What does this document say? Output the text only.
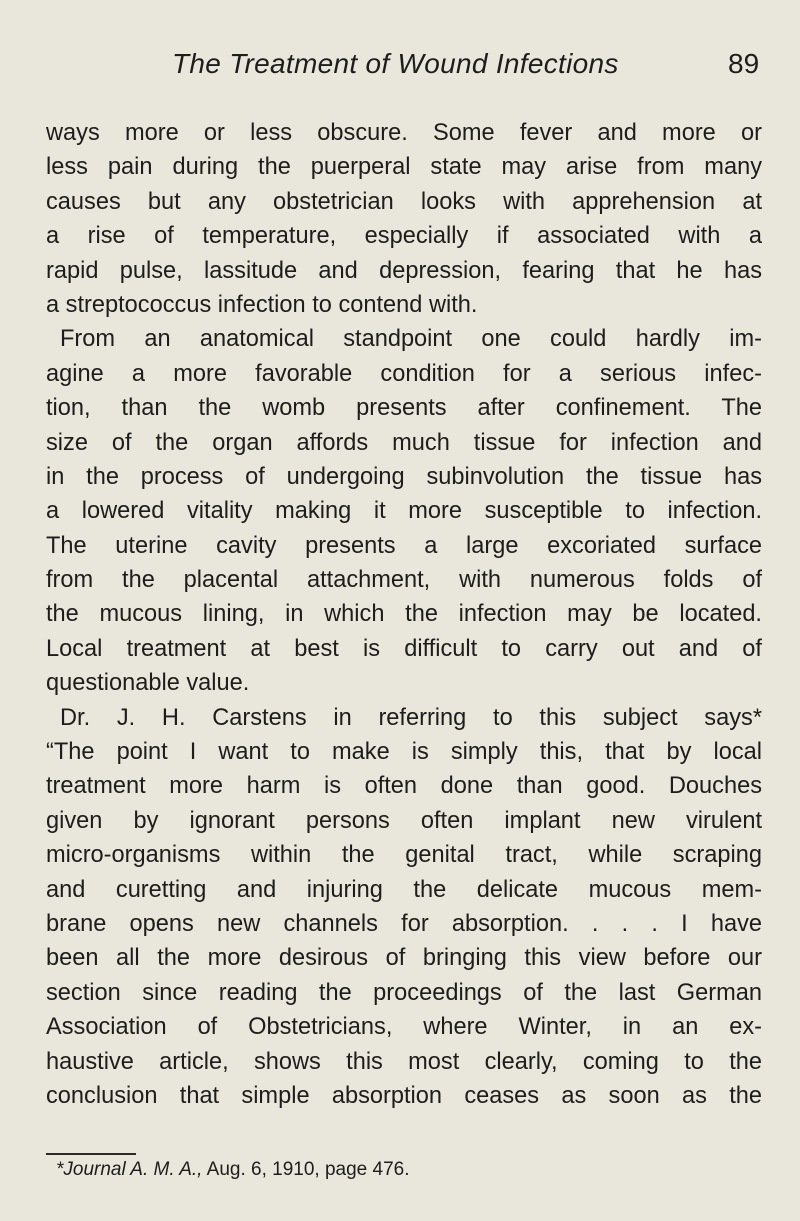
The Treatment of Wound Infections	89
ways more or less obscure. Some fever and more or
less pain during the puerperal state may arise from many
causes but any obstetrician looks with apprehension at
a rise of temperature, especially if associated with a
rapid pulse, lassitude and depression, fearing that he has
a streptococcus infection to contend with.
From an anatomical standpoint one could hardly im-
agine a more favorable condition for a serious infec-
tion, than the womb presents after confinement. The
size of the organ affords much tissue for infection and
in the process of undergoing subinvolution the tissue has
a lowered vitality making it more susceptible to infection.
The uterine cavity presents a large excoriated surface
from the placental attachment, with numerous folds of
the mucous lining, in which the infection may be located.
Local treatment at best is difficult to carry out and of
questionable value.
Dr. J. H. Carstens in referring to this subject says*
“The point I want to make is simply this, that by local
treatment more harm is often done than good. Douches
given by ignorant persons often implant new virulent
micro-organisms within the genital tract, while scraping
and curetting and injuring the delicate mucous mem-
brane opens new channels for absorption. . . . I have
been all the more desirous of bringing this view before our
section since reading the proceedings of the last German
Association of Obstetricians, where Winter, in an ex-
haustive article, shows this most clearly, coming to the
conclusion that simple absorption ceases as soon as the
*Journal A. M. A., Aug. 6, 1910, page 476.
